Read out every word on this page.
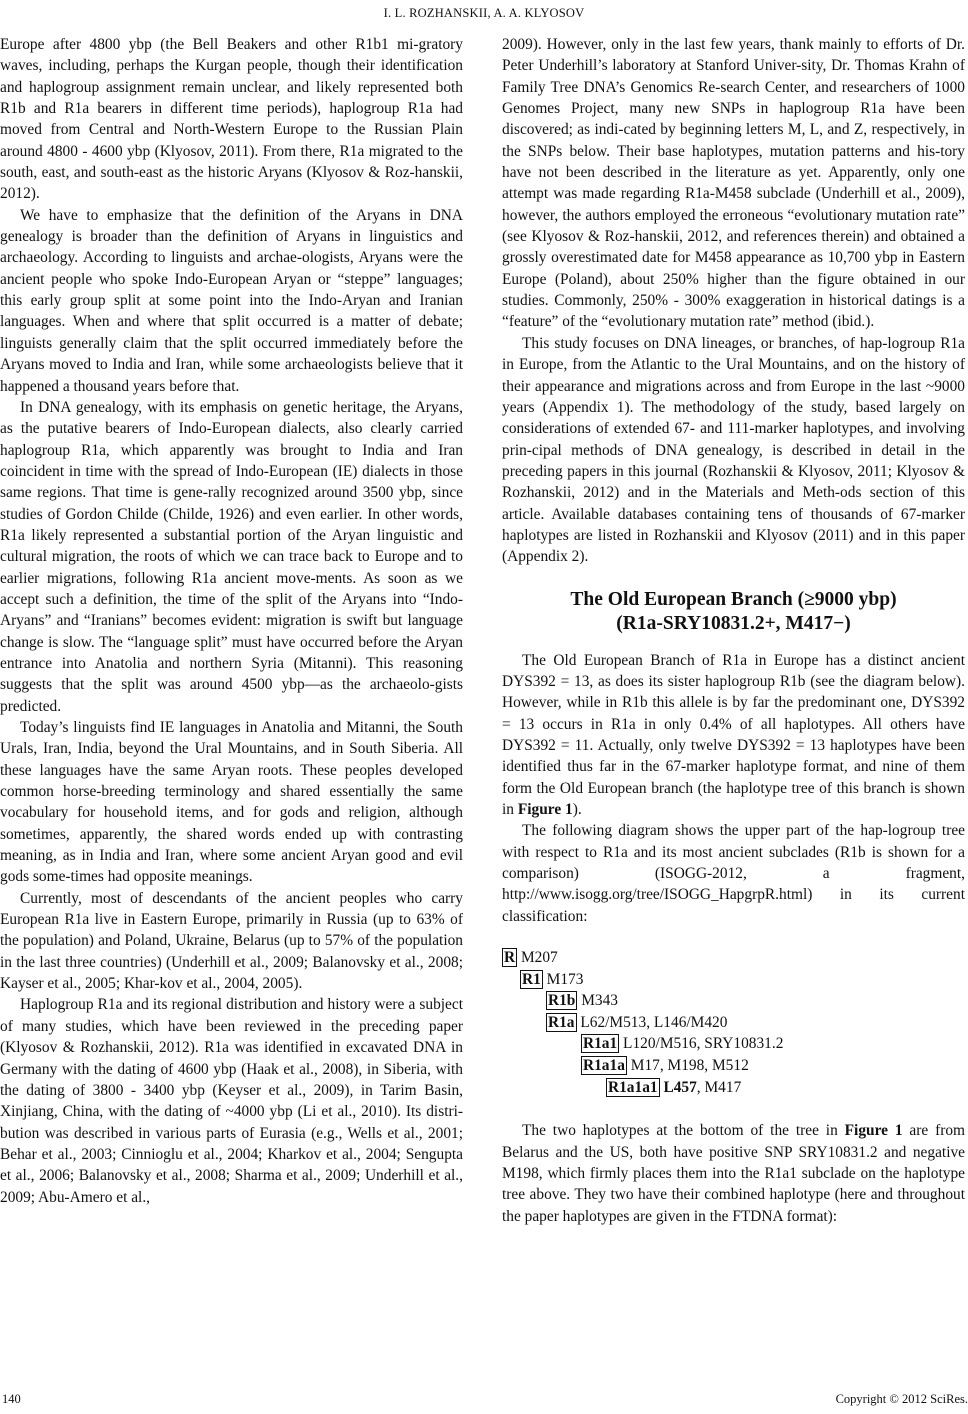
I. L. ROZHANSKII, A. A. KLYOSOV

Europe after 4800 ybp (the Bell Beakers and other R1b1 mi-gratory waves, including, perhaps the Kurgan people, though their identification and haplogroup assignment remain unclear, and likely represented both R1b and R1a bearers in different time periods), haplogroup R1a had moved from Central and North-Western Europe to the Russian Plain around 4800 - 4600 ybp (Klyosov, 2011). From there, R1a migrated to the south, east, and south-east as the historic Aryans (Klyosov & Roz-hanskii, 2012).

We have to emphasize that the definition of the Aryans in DNA genealogy is broader than the definition of Aryans in linguistics and archaeology. According to linguists and archae-ologists, Aryans were the ancient people who spoke Indo-European Aryan or “steppe” languages; this early group split at some point into the Indo-Aryan and Iranian languages. When and where that split occurred is a matter of debate; linguists generally claim that the split occurred immediately before the Aryans moved to India and Iran, while some archaeologists believe that it happened a thousand years before that.

In DNA genealogy, with its emphasis on genetic heritage, the Aryans, as the putative bearers of Indo-European dialects, also clearly carried haplogroup R1a, which apparently was brought to India and Iran coincident in time with the spread of Indo-European (IE) dialects in those same regions. That time is gene-rally recognized around 3500 ybp, since studies of Gordon Childe (Childe, 1926) and even earlier. In other words, R1a likely represented a substantial portion of the Aryan linguistic and cultural migration, the roots of which we can trace back to Europe and to earlier migrations, following R1a ancient move-ments. As soon as we accept such a definition, the time of the split of the Aryans into “Indo-Aryans” and “Iranians” becomes evident: migration is swift but language change is slow. The “language split” must have occurred before the Aryan entrance into Anatolia and northern Syria (Mitanni). This reasoning suggests that the split was around 4500 ybp—as the archaeolo-gists predicted.

Today’s linguists find IE languages in Anatolia and Mitanni, the South Urals, Iran, India, beyond the Ural Mountains, and in South Siberia. All these languages have the same Aryan roots. These peoples developed common horse-breeding terminology and shared essentially the same vocabulary for household items, and for gods and religion, although sometimes, apparently, the shared words ended up with contrasting meaning, as in India and Iran, where some ancient Aryan good and evil gods some-times had opposite meanings.

Currently, most of descendants of the ancient peoples who carry European R1a live in Eastern Europe, primarily in Russia (up to 63% of the population) and Poland, Ukraine, Belarus (up to 57% of the population in the last three countries) (Underhill et al., 2009; Balanovsky et al., 2008; Kayser et al., 2005; Khar-kov et al., 2004, 2005).

Haplogroup R1a and its regional distribution and history were a subject of many studies, which have been reviewed in the preceding paper (Klyosov & Rozhanskii, 2012). R1a was identified in excavated DNA in Germany with the dating of 4600 ybp (Haak et al., 2008), in Siberia, with the dating of 3800 - 3400 ybp (Keyser et al., 2009), in Tarim Basin, Xinjiang, China, with the dating of ~4000 ybp (Li et al., 2010). Its distri-bution was described in various parts of Eurasia (e.g., Wells et al., 2001; Behar et al., 2003; Cinnioglu et al., 2004; Kharkov et al., 2004; Sengupta et al., 2006; Balanovsky et al., 2008; Sharma et al., 2009; Underhill et al., 2009; Abu-Amero et al.,

2009). However, only in the last few years, thank mainly to efforts of Dr. Peter Underhill’s laboratory at Stanford Univer-sity, Dr. Thomas Krahn of Family Tree DNA’s Genomics Re-search Center, and researchers of 1000 Genomes Project, many new SNPs in haplogroup R1a have been discovered; as indi-cated by beginning letters M, L, and Z, respectively, in the SNPs below. Their base haplotypes, mutation patterns and his-tory have not been described in the literature as yet. Apparently, only one attempt was made regarding R1a-M458 subclade (Underhill et al., 2009), however, the authors employed the erroneous “evolutionary mutation rate” (see Klyosov & Roz-hanskii, 2012, and references therein) and obtained a grossly overestimated date for M458 appearance as 10,700 ybp in Eastern Europe (Poland), about 250% higher than the figure obtained in our studies. Commonly, 250% - 300% exaggeration in historical datings is a “feature” of the “evolutionary mutation rate” method (ibid.).

This study focuses on DNA lineages, or branches, of hap-logroup R1a in Europe, from the Atlantic to the Ural Mountains, and on the history of their appearance and migrations across and from Europe in the last ~9000 years (Appendix 1). The methodology of the study, based largely on considerations of extended 67- and 111-marker haplotypes, and involving prin-cipal methods of DNA genealogy, is described in detail in the preceding papers in this journal (Rozhanskii & Klyosov, 2011; Klyosov & Rozhanskii, 2012) and in the Materials and Meth-ods section of this article. Available databases containing tens of thousands of 67-marker haplotypes are listed in Rozhanskii and Klyosov (2011) and in this paper (Appendix 2).

The Old European Branch (≥9000 ybp)
(R1a-SRY10831.2+, M417−)

The Old European Branch of R1a in Europe has a distinct ancient DYS392 = 13, as does its sister haplogroup R1b (see the diagram below). However, while in R1b this allele is by far the predominant one, DYS392 = 13 occurs in R1a in only 0.4% of all haplotypes. All others have DYS392 = 11. Actually, only twelve DYS392 = 13 haplotypes have been identified thus far in the 67-marker haplotype format, and nine of them form the Old European branch (the haplotype tree of this branch is shown in Figure 1).

The following diagram shows the upper part of the hap-logroup tree with respect to R1a and its most ancient subclades (R1b is shown for a comparison) (ISOGG-2012, a fragment, http://www.isogg.org/tree/ISOGG_HapgrpR.html) in its current classification:

R M207
R1 M173
R1b M343
R1a L62/M513, L146/M420
R1a1 L120/M516, SRY10831.2
R1a1a M17, M198, M512
R1a1a1 L457, M417

The two haplotypes at the bottom of the tree in Figure 1 are from Belarus and the US, both have positive SNP SRY10831.2 and negative M198, which firmly places them into the R1a1 subclade on the haplotype tree above. They two have their combined haplotype (here and throughout the paper haplotypes are given in the FTDNA format):

140	Copyright © 2012 SciRes.
